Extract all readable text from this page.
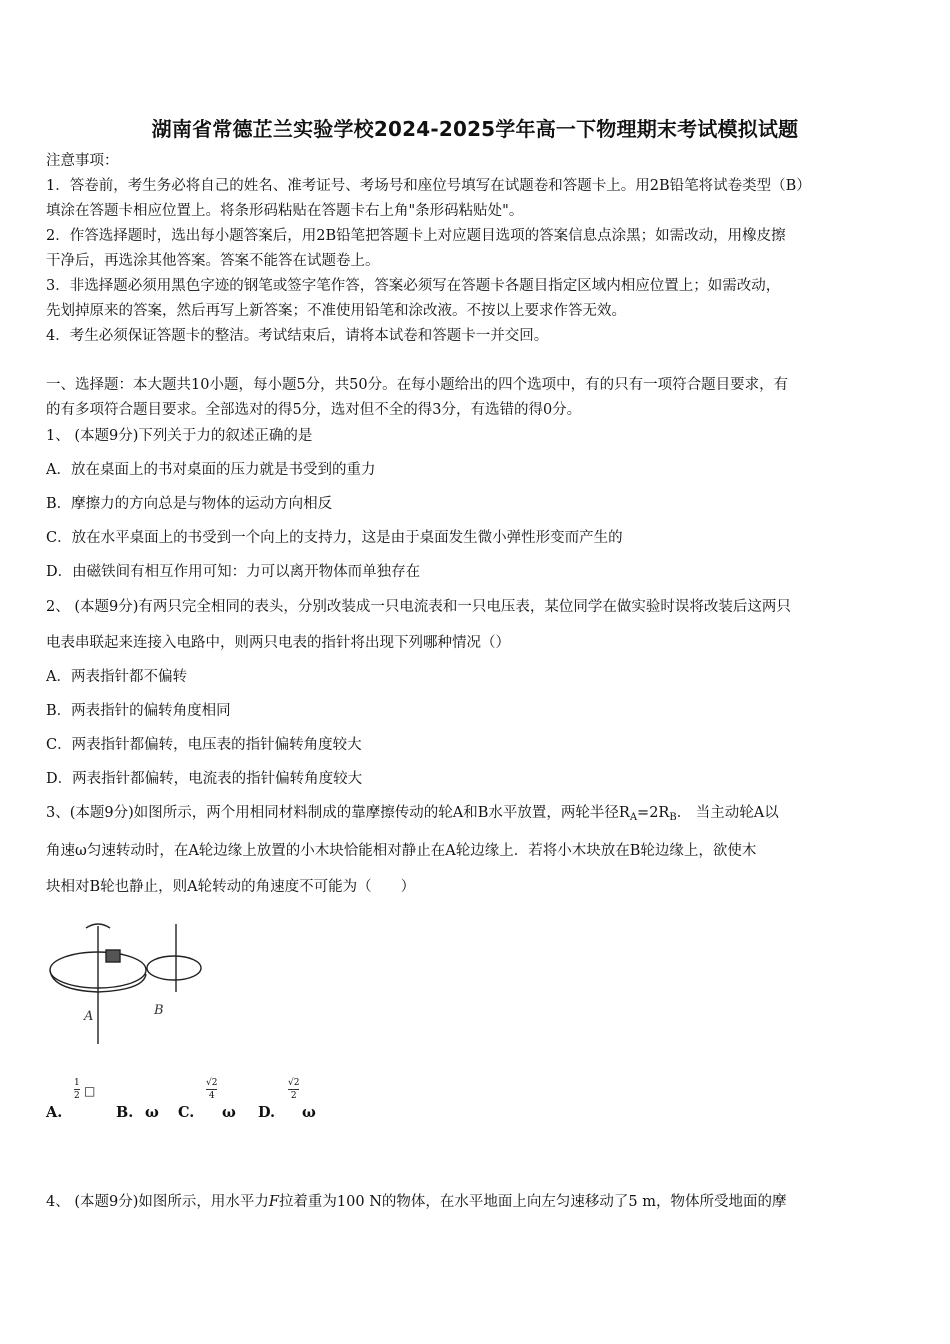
湖南省常德芷兰实验学校2024-2025学年高一下物理期末考试模拟试题
注意事项：
1．答卷前，考生务必将自己的姓名、准考证号、考场号和座位号填写在试题卷和答题卡上。用2B铅笔将试卷类型（B）
填涂在答题卡相应位置上。将条形码粘贴在答题卡右上角"条形码粘贴处"。
2．作答选择题时，选出每小题答案后，用2B铅笔把答题卡上对应题目选项的答案信息点涂黑；如需改动，用橡皮擦
干净后，再选涂其他答案。答案不能答在试题卷上。
3．非选择题必须用黑色字迹的钢笔或签字笔作答，答案必须写在答题卡各题目指定区域内相应位置上；如需改动，
先划掉原来的答案，然后再写上新答案；不准使用铅笔和涂改液。不按以上要求作答无效。
4．考生必须保证答题卡的整洁。考试结束后，请将本试卷和答题卡一并交回。
一、选择题：本大题共10小题，每小题5分，共50分。在每小题给出的四个选项中，有的只有一项符合题目要求，有
的有多项符合题目要求。全部选对的得5分，选对但不全的得3分，有选错的得0分。
1、 (本题9分)下列关于力的叙述正确的是
A．放在桌面上的书对桌面的压力就是书受到的重力
B．摩擦力的方向总是与物体的运动方向相反
C．放在水平桌面上的书受到一个向上的支持力，这是由于桌面发生微小弹性形变而产生的
D．由磁铁间有相互作用可知：力可以离开物体而单独存在
2、 (本题9分)有两只完全相同的表头，分别改装成一只电流表和一只电压表，某位同学在做实验时误将改装后这两只
电表串联起来连接入电路中，则两只电表的指针将出现下列哪种情况（）
A．两表指针都不偏转
B．两表指针的偏转角度相同
C．两表指针都偏转，电压表的指针偏转角度较大
D．两表指针都偏转，电流表的指针偏转角度较大
3、(本题9分)如图所示，两个用相同材料制成的靠摩擦传动的轮A和B水平放置，两轮半径$R_A=2R_B$． 当主动轮A以
角速ω匀速转动时，在A轮边缘上放置的小木块恰能相对静止在A轮边缘上．若将小木块放在B轮边缘上，欲使木
块相对B轮也静止，则A轮转动的角速度不可能为（　　）
A	B
A.
1
2 □
B. ω C.
√2
4
ω D.
√2
2
ω
4、 (本题9分)如图所示，用水平力F拉着重为100 N的物体，在水平地面上向左匀速移动了5 m，物体所受地面的摩
